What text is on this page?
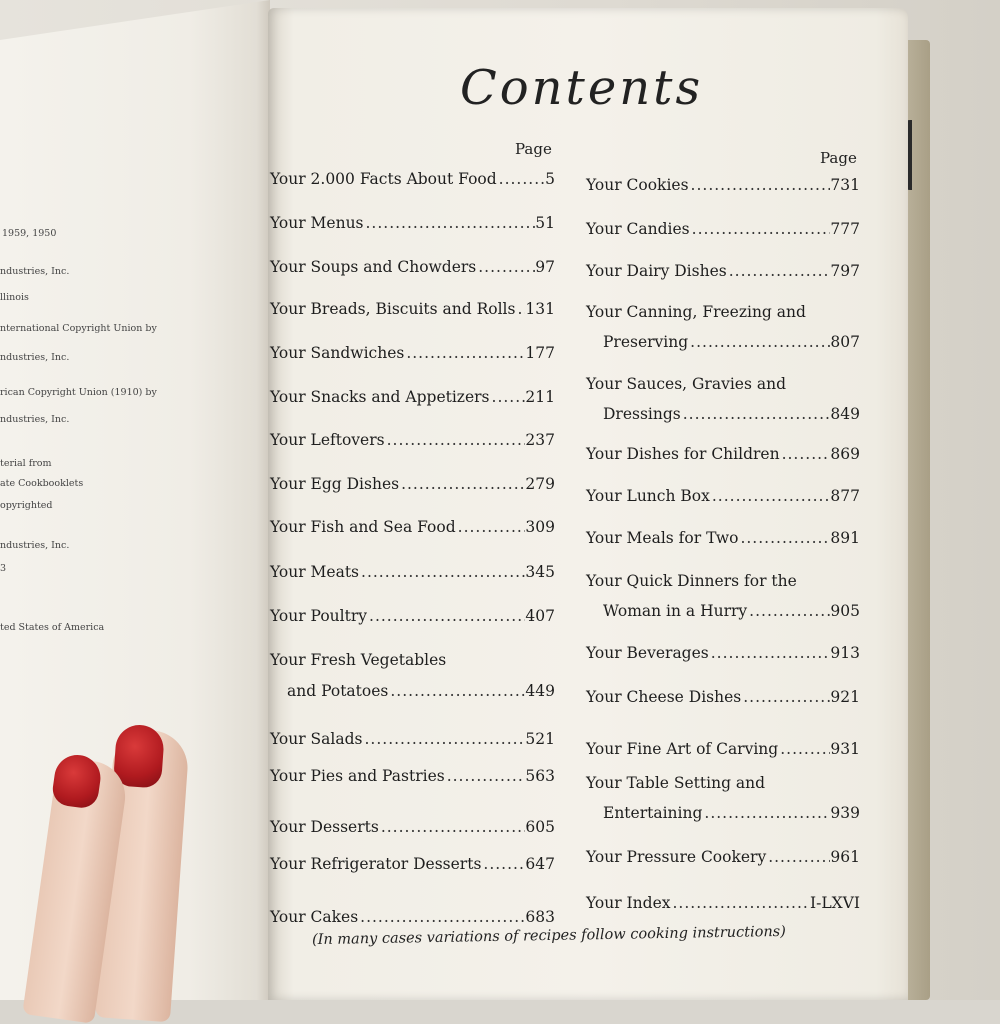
1959, 1950
ndustries, Inc.
llinois
nternational Copyright Union by
ndustries, Inc.
rican Copyright Union (1910) by
ndustries, Inc.
terial from
ate Cookbooklets
opyrighted
ndustries, Inc.
3
ted States of America
Contents
Page	Page
Your 2.000 Facts About Food .....	5
Your Menus .....	51
Your Soups and Chowders .....	97
Your Breads, Biscuits and Rolls ..... 131
Your Sandwiches .....	177
Your Snacks and Appetizers ..... 211
Your Leftovers .....	237
Your Egg Dishes .....	279
Your Fish and Sea Food .....	309
Your Meats .....	345
Your Poultry .....	407
Your Fresh Vegetables
and Potatoes .....	449
Your Salads .....	521
Your Pies and Pastries .....	563
Your Desserts .....	605
Your Refrigerator Desserts .....	647
Your Cakes .....	683
Your Cookies .....	731
Your Candies .....	777
Your Dairy Dishes .....	797
Your Canning, Freezing and
Preserving .....	807
Your Sauces, Gravies and
Dressings .....	849
Your Dishes for Children .....	869
Your Lunch Box .....	877
Your Meals for Two .....	891
Your Quick Dinners for the
Woman in a Hurry .....	905
Your Beverages .....	913
Your Cheese Dishes .....	921
Your Fine Art of Carving .....	931
Your Table Setting and
Entertaining .....	939
Your Pressure Cookery .....	961
Your Index .....	I-LXVI
(In many cases variations of recipes follow cooking instructions)
